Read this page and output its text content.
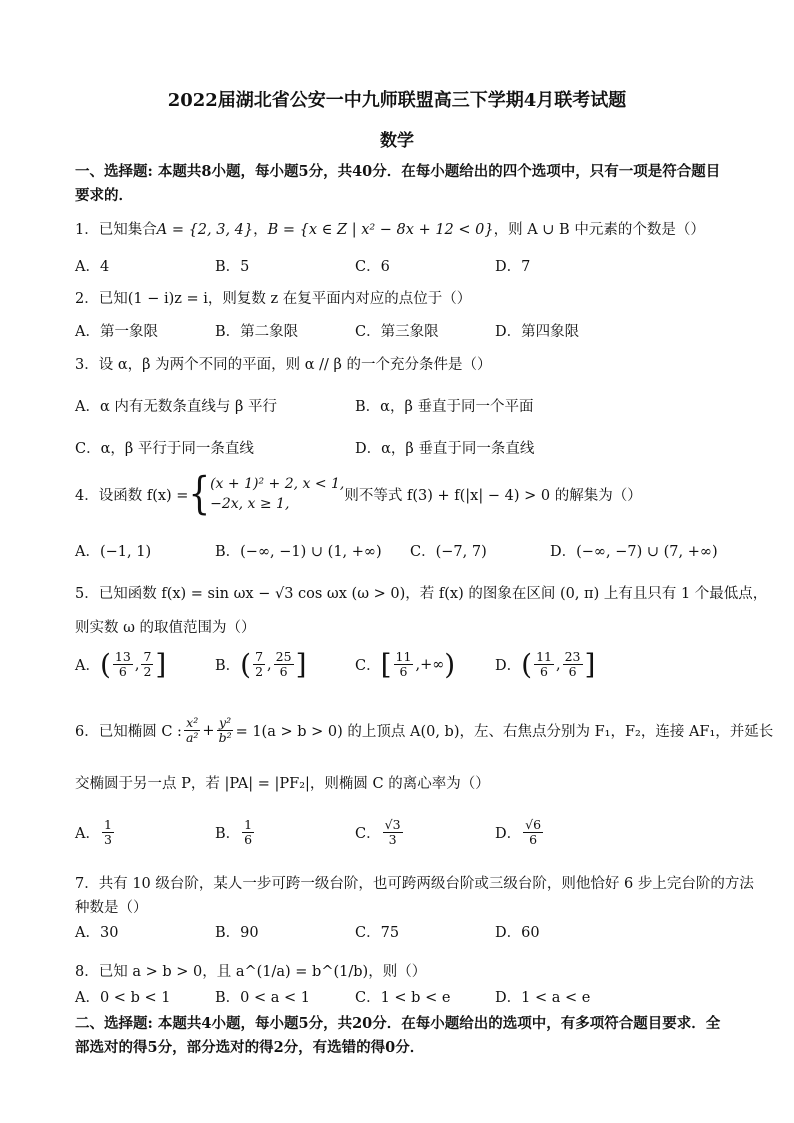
2022届湖北省公安一中九师联盟高三下学期4月联考试题
数学
一、选择题: 本题共8小题，每小题5分，共40分．在每小题给出的四个选项中，只有一项是符合题目要求的．
1．已知集合A = {2, 3, 4}，B = {x ∈ Z | x² − 8x + 12 < 0}，则 A ∪ B 中元素的个数是（）
A．4	B．5	C．6	D．7
2．已知(1 − i)z = i，则复数 z 在复平面内对应的点位于（）
A．第一象限	B．第二象限	C．第三象限	D．第四象限
3．设 α，β 为两个不同的平面，则 α // β 的一个充分条件是（）
A．α 内有无数条直线与 β 平行	B．α，β 垂直于同一个平面
C．α，β 平行于同一条直线	D．α，β 垂直于同一条直线
4．设函数 f(x) = { (x + 1)² + 2, x < 1,
−2x, x ≥ 1,
则不等式 f(3) + f(|x| − 4) > 0 的解集为（）
A．(−1, 1)	B．(−∞, −1) ∪ (1, +∞) C．(−7, 7)	D．(−∞, −7) ∪ (7, +∞)
5．已知函数 f(x) = sin ωx − √3 cos ωx (ω > 0)，若 f(x) 的图象在区间 (0, π) 上有且只有 1 个最低点，
则实数 ω 的取值范围为（）
A． ( $\frac{13}{6}$ , $\frac{7}{2}$ ]	B． ( $\frac{7}{2}$ , $\frac{25}{6}$ ]	C． [ $\frac{11}{6}$ , +∞ )	D． ( $\frac{11}{6}$ , $\frac{23}{6}$ ]
6．已知椭圆 C : $\frac{\text{x²}}{\text{a²}} + \frac{\text{y²}}{\text{b²}} = 1(a > b > 0)$ 的上顶点 A(0, b)，左、右焦点分别为 F₁，F₂，连接 AF₁，并延长
交椭圆于另一点 P，若 |PA| = |PF₂|，则椭圆 C 的离心率为（）
A． $\frac{1}{3}$	B． $\frac{1}{6}$	C． $\frac{√3}{3}$	D． $\frac{√6}{6}$
7．共有 10 级台阶，某人一步可跨一级台阶，也可跨两级台阶或三级台阶，则他恰好 6 步上完台阶的方法
种数是（）
A．30	B．90	C．75	D．60
8．已知 a > b > 0，且 a^(1/a) = b^(1/b)，则（）
A．0 < b < 1	B．0 < a < 1	C．1 < b < e	D．1 < a < e
二、选择题: 本题共4小题，每小题5分，共20分．在每小题给出的选项中，有多项符合题目要求．全部选对的得5分，部分选对的得2分，有选错的得0分．
